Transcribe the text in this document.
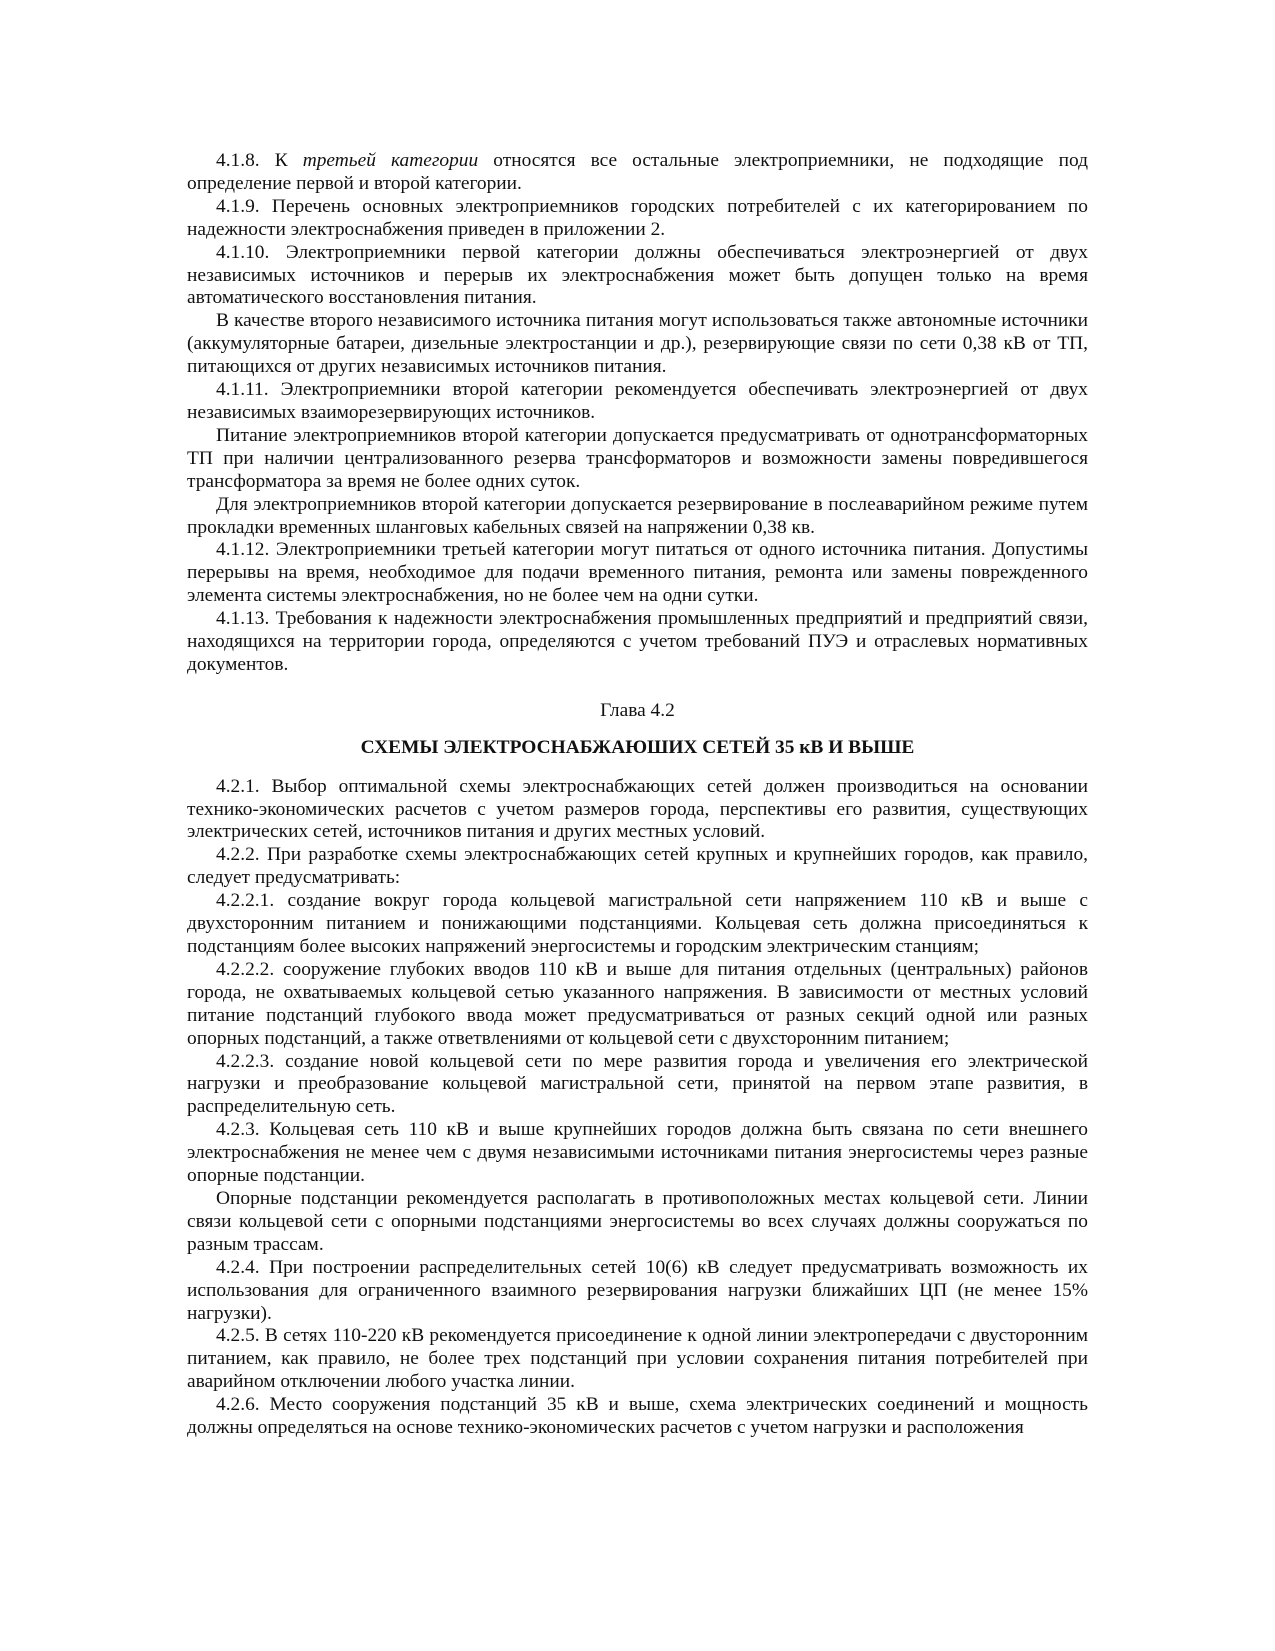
4.1.8. К третьей категории относятся все остальные электроприемники, не подходящие под определение первой и второй категории.

4.1.9. Перечень основных электроприемников городских потребителей с их категорированием по надежности электроснабжения приведен в приложении 2.

4.1.10. Электроприемники первой категории должны обеспечиваться электроэнергией от двух независимых источников и перерыв их электроснабжения может быть допущен только на время автоматического восстановления питания.

В качестве второго независимого источника питания могут использоваться также автономные источники (аккумуляторные батареи, дизельные электростанции и др.), резервирующие связи по сети 0,38 кВ от ТП, питающихся от других независимых источников питания.

4.1.11. Электроприемники второй категории рекомендуется обеспечивать электроэнергией от двух независимых взаиморезервирующих источников.

Питание электроприемников второй категории допускается предусматривать от однотрансформаторных ТП при наличии централизованного резерва трансформаторов и возможности замены повредившегося трансформатора за время не более одних суток.

Для электроприемников второй категории допускается резервирование в послеаварийном режиме путем прокладки временных шланговых кабельных связей на напряжении 0,38 кв.

4.1.12. Электроприемники третьей категории могут питаться от одного источника питания. Допустимы перерывы на время, необходимое для подачи временного питания, ремонта или замены поврежденного элемента системы электроснабжения, но не более чем на одни сутки.

4.1.13. Требования к надежности электроснабжения промышленных предприятий и предприятий связи, находящихся на территории города, определяются с учетом требований ПУЭ и отраслевых нормативных документов.

Глава 4.2

СХЕМЫ ЭЛЕКТРОСНАБЖАЮШИХ СЕТЕЙ 35 кВ И ВЫШЕ

4.2.1. Выбор оптимальной схемы электроснабжающих сетей должен производиться на основании технико-экономических расчетов с учетом размеров города, перспективы его развития, существующих электрических сетей, источников питания и других местных условий.

4.2.2. При разработке схемы электроснабжающих сетей крупных и крупнейших городов, как правило, следует предусматривать:

4.2.2.1. создание вокруг города кольцевой магистральной сети напряжением 110 кВ и выше с двухсторонним питанием и понижающими подстанциями. Кольцевая сеть должна присоединяться к подстанциям более высоких напряжений энергосистемы и городским электрическим станциям;

4.2.2.2. сооружение глубоких вводов 110 кВ и выше для питания отдельных (центральных) районов города, не охватываемых кольцевой сетью указанного напряжения. В зависимости от местных условий питание подстанций глубокого ввода может предусматриваться от разных секций одной или разных опорных подстанций, а также ответвлениями от кольцевой сети с двухсторонним питанием;

4.2.2.3. создание новой кольцевой сети по мере развития города и увеличения его электрической нагрузки и преобразование кольцевой магистральной сети, принятой на первом этапе развития, в распределительную сеть.

4.2.3. Кольцевая сеть 110 кВ и выше крупнейших городов должна быть связана по сети внешнего электроснабжения не менее чем с двумя независимыми источниками питания энергосистемы через разные опорные подстанции.

Опорные подстанции рекомендуется располагать в противоположных местах кольцевой сети. Линии связи кольцевой сети с опорными подстанциями энергосистемы во всех случаях должны сооружаться по разным трассам.

4.2.4. При построении распределительных сетей 10(6) кВ следует предусматривать возможность их использования для ограниченного взаимного резервирования нагрузки ближайших ЦП (не менее 15% нагрузки).

4.2.5. В сетях 110-220 кВ рекомендуется присоединение к одной линии электропередачи с двусторонним питанием, как правило, не более трех подстанций при условии сохранения питания потребителей при аварийном отключении любого участка линии.

4.2.6. Место сооружения подстанций 35 кВ и выше, схема электрических соединений и мощность должны определяться на основе технико-экономических расчетов с учетом нагрузки и расположения
